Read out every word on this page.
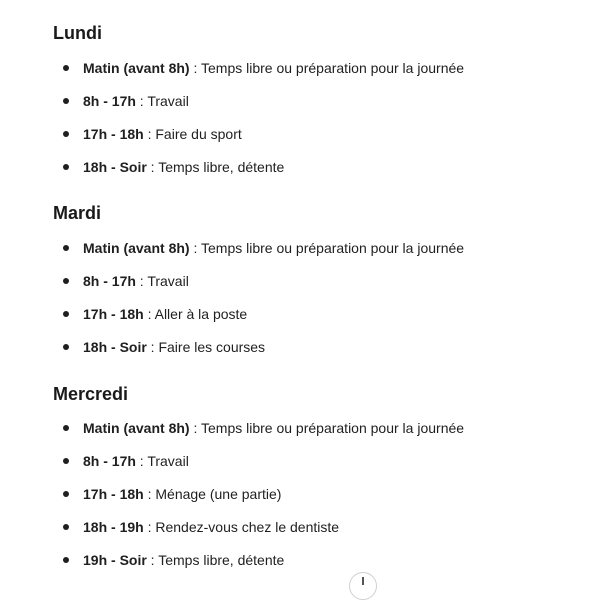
Lundi
Matin (avant 8h) : Temps libre ou préparation pour la journée
8h - 17h : Travail
17h - 18h : Faire du sport
18h - Soir : Temps libre, détente
Mardi
Matin (avant 8h) : Temps libre ou préparation pour la journée
8h - 17h : Travail
17h - 18h : Aller à la poste
18h - Soir : Faire les courses
Mercredi
Matin (avant 8h) : Temps libre ou préparation pour la journée
8h - 17h : Travail
17h - 18h : Ménage (une partie)
18h - 19h : Rendez-vous chez le dentiste
19h - Soir : Temps libre, détente
